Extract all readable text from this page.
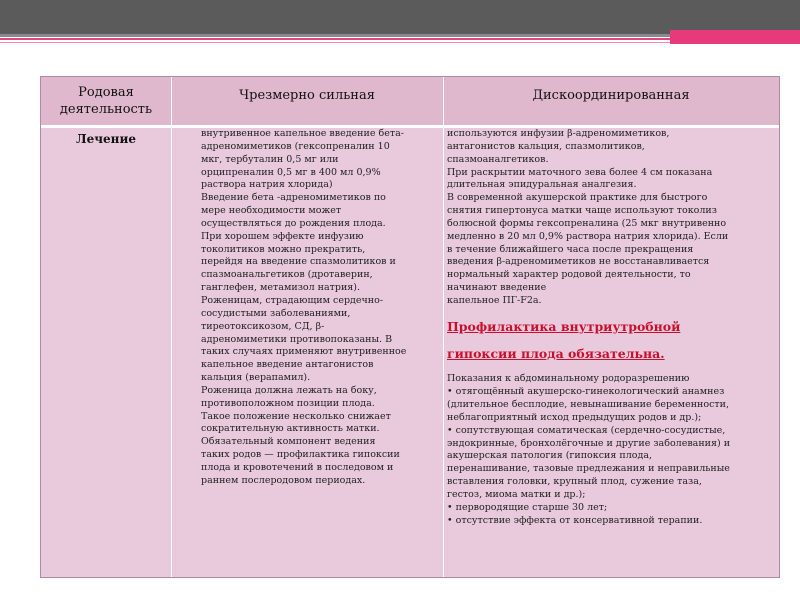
Родовая деятельность
Чрезмерно сильная	Дискоординированная
Лечение	внутривенное капельное введение бета-

адреномиметиков (гексопреналин 10

мкг, тербуталин 0,5 мг или

орципреналин 0,5 мг в 400 мл 0,9%

раствора натрия хлорида)

Введение бета -адреномиметиков по

мере необходимости может

осуществляться до рождения плода.

При хорошем эффекте инфузию

токолитиков можно прекратить,

перейдя на введение спазмолитиков и

спазмоанальгетиков (дротаверин,

ганглефен, метамизол натрия).

Роженицам, страдающим сердечно-

сосудистыми заболеваниями,

тиреотоксикозом, СД, β-

адреномиметики противопоказаны. В

таких случаях применяют внутривенное

капельное введение антагонистов

кальция (верапамил).

Роженица должна лежать на боку,

противоположном позиции плода.

Такое положение несколько снижает

сократительную активность матки.

Обязательный компонент ведения

таких родов — профилактика гипоксии

плода и кровотечений в последовом и

раннем послеродовом периодах.

используются инфузии β-адреномиметиков,

антагонистов кальция, спазмолитиков,

спазмоаналгетиков.

При раскрытии маточного зева более 4 см показана

длительная эпидуральная аналгезия.

В современной акушерской практике для быстрого

снятия гипертонуса матки чаще используют токолиз

болюсной формы гексопреналина (25 мкг внутривенно

медленно в 20 мл 0,9% раствора натрия хлорида). Если

в течение ближайшего часа после прекращения

введения β-адреномиметиков не восстанавливается

нормальный характер родовой деятельности, то

начинают введение

капельное ПГ-F2a.

Профилактика внутриутробной

гипоксии плода обязательна.

Показания к абдоминальному родоразрешению

• отягощённый акушерско-гинекологический анамнез

(длительное бесплодие, невынашивание беременности,

неблагоприятный исход предыдущих родов и др.);

• сопутствующая соматическая (сердечно-сосудистые,

эндокринные, бронхолёгочные и другие заболевания) и

акушерская патология (гипоксия плода,

перенашивание, тазовые предлежания и неправильные

вставления головки, крупный плод, сужение таза,

гестоз, миома матки и др.);

• первородящие старше 30 лет;

• отсутствие эффекта от консервативной терапии.
